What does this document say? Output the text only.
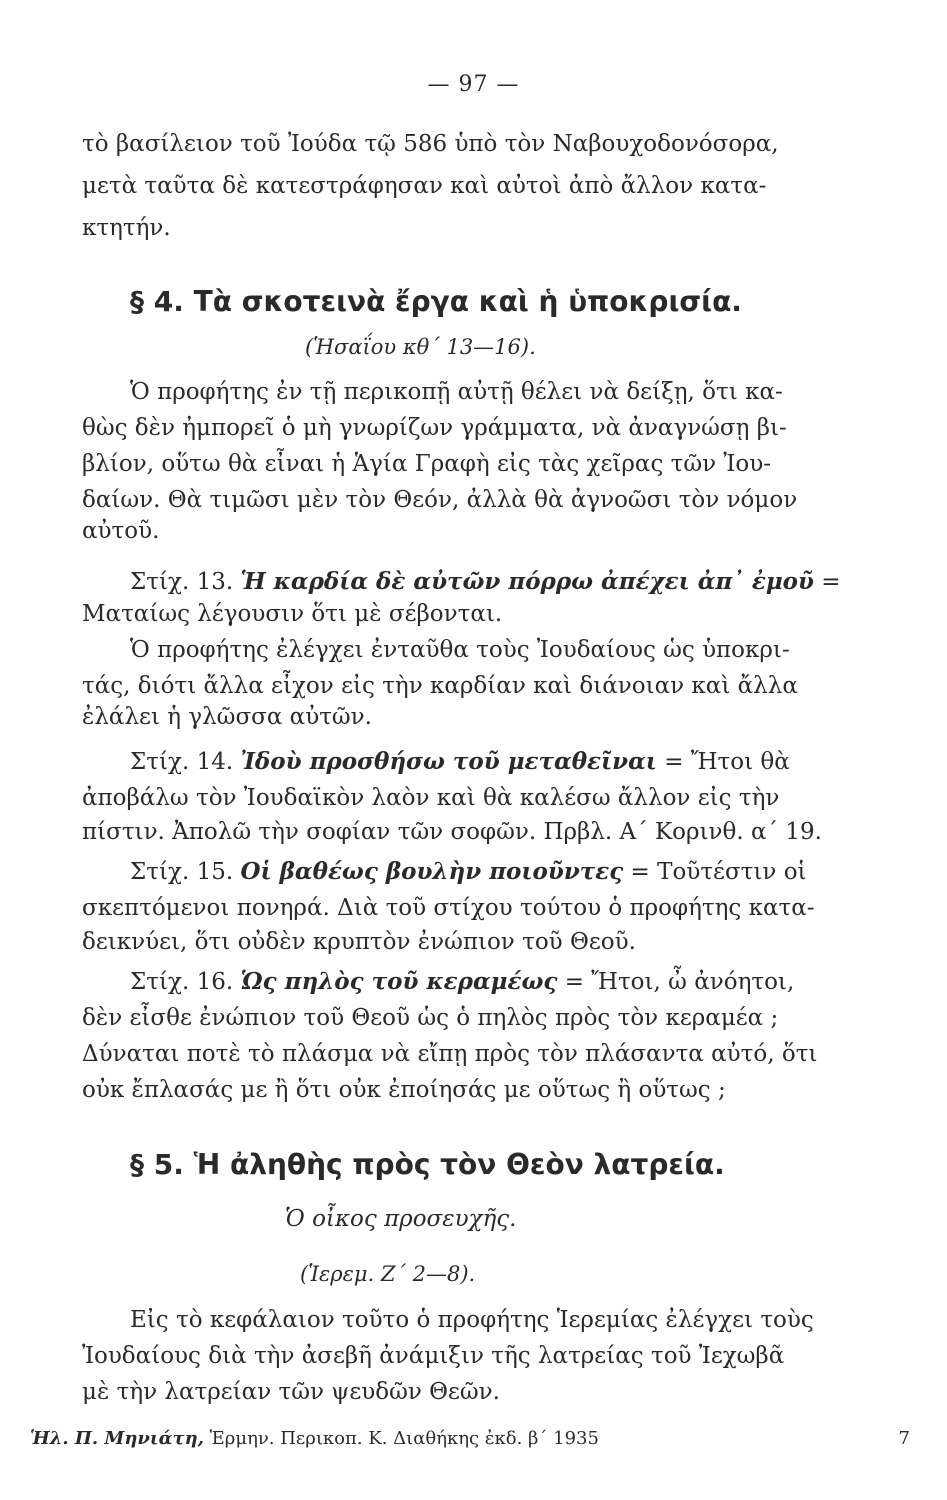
— 97 —
τὸ βασίλειον τοῦ Ἰούδα τῷ 586 ὑπὸ τὸν Ναβουχοδονόσορα,
μετὰ ταῦτα δὲ κατεστράφησαν καὶ αὐτοὶ ἀπὸ ἄλλον κατα-
κτητήν.
§ 4. Τὰ σκοτεινὰ ἔργα καὶ ἡ ὑποκρισία.
(Ἡσαΐου κθ΄ 13—16).
Ὁ προφήτης ἐν τῇ περικοπῇ αὐτῇ θέλει νὰ δείξῃ, ὅτι κα-
θὼς δὲν ἠμπορεῖ ὁ μὴ γνωρίζων γράμματα, νὰ ἀναγνώσῃ βι-
βλίον, οὕτω θὰ εἶναι ἡ Ἁγία Γραφὴ εἰς τὰς χεῖρας τῶν Ἰου-
δαίων. Θὰ τιμῶσι μὲν τὸν Θεόν, ἀλλὰ θὰ ἀγνοῶσι τὸν νόμον
αὐτοῦ.
Στίχ. 13. Ἡ καρδία δὲ αὐτῶν πόρρω ἀπέχει ἀπ᾿ ἐμοῦ =
Ματαίως λέγουσιν ὅτι μὲ σέβονται.
Ὁ προφήτης ἐλέγχει ἐνταῦθα τοὺς Ἰουδαίους ὡς ὑποκρι-
τάς, διότι ἄλλα εἶχον εἰς τὴν καρδίαν καὶ διάνοιαν καὶ ἄλλα
ἐλάλει ἡ γλῶσσα αὐτῶν.
Στίχ. 14. Ἰδοὺ προσθήσω τοῦ μεταθεῖναι = Ἤτοι θὰ
ἀποβάλω τὸν Ἰουδαϊκὸν λαὸν καὶ θὰ καλέσω ἄλλον εἰς τὴν
πίστιν. Ἀπολῶ τὴν σοφίαν τῶν σοφῶν. Πρβλ. Α΄ Κορινθ. α΄ 19.
Στίχ. 15. Οἱ βαθέως βουλὴν ποιοῦντες = Τοῦτέστιν οἱ
σκεπτόμενοι πονηρά. Διὰ τοῦ στίχου τούτου ὁ προφήτης κατα-
δεικνύει, ὅτι οὐδὲν κρυπτὸν ἐνώπιον τοῦ Θεοῦ.
Στίχ. 16. Ὡς πηλὸς τοῦ κεραμέως = Ἤτοι, ὦ ἀνόητοι,
δὲν εἶσθε ἐνώπιον τοῦ Θεοῦ ὡς ὁ πηλὸς πρὸς τὸν κεραμέα ;
Δύναται ποτὲ τὸ πλάσμα νὰ εἴπῃ πρὸς τὸν πλάσαντα αὐτό, ὅτι
οὐκ ἔπλασάς με ἢ ὅτι οὐκ ἐποίησάς με οὕτως ἢ οὕτως ;
§ 5. Ἡ ἀληθὴς πρὸς τὸν Θεὸν λατρεία.
Ὁ οἶκος προσευχῆς.
(Ἱερεμ. Ζ΄ 2—8).
Εἰς τὸ κεφάλαιον τοῦτο ὁ προφήτης Ἱερεμίας ἐλέγχει τοὺς
Ἰουδαίους διὰ τὴν ἀσεβῆ ἀνάμιξιν τῆς λατρείας τοῦ Ἰεχωβᾶ
μὲ τὴν λατρείαν τῶν ψευδῶν Θεῶν.
Ἡλ. Π. Μηνιάτη, Ἑρμην. Περικοπ. Κ. Διαθήκης ἐκδ. β΄ 1935	7
